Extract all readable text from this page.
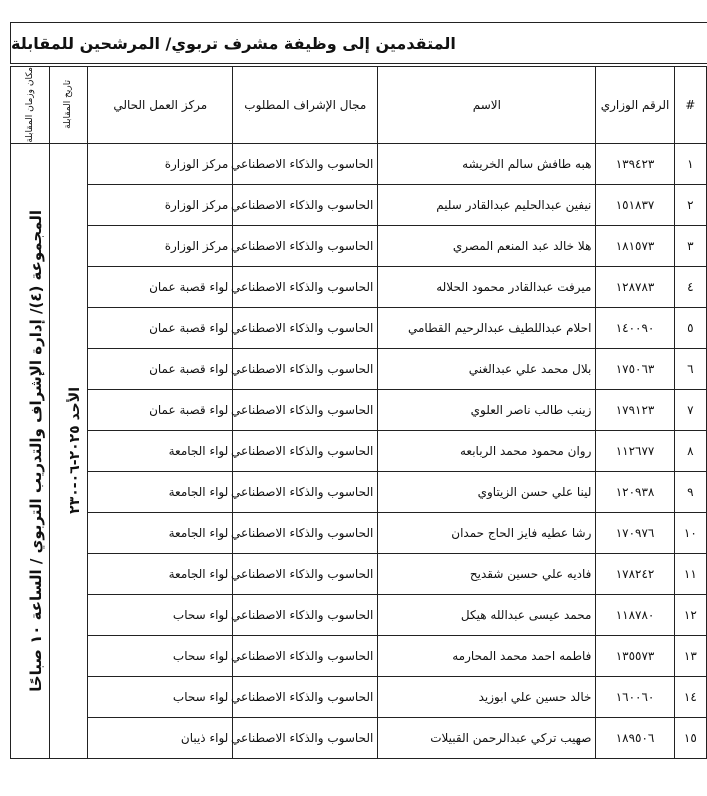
المتقدمين إلى وظيفة مشرف تربوي/ المرشحين للمقابلة
#	الرقم الوزاري	الاسم	مجال الإشراف المطلوب	مركز العمل الحالي	تاريخ المقابلة	مكان وزمان المقابلة

١	١٣٩٤٢٣	هبه طافش سالم الخريشه	الحاسوب والذكاء الاصطناعي	مركز الوزارة	الأحد ٢٠٢٥-٠٦-٢٣٠	المجموعة (٤)/ إدارة الإشراف والتدريب التربوي / الساعة ١٠ صباحًا

٢	١٥١٨٣٧	نيفين عبدالحليم عبدالقادر سليم	الحاسوب والذكاء الاصطناعي	مركز الوزارة		
٣	١٨١٥٧٣	هلا خالد عبد المنعم المصري	الحاسوب والذكاء الاصطناعي	مركز الوزارة		
٤	١٢٨٧٨٣	ميرفت عبدالقادر محمود الحلاله	الحاسوب والذكاء الاصطناعي	لواء قصبة عمان		
٥	١٤٠٠٩٠	احلام عبداللطيف عبدالرحيم القطامي	الحاسوب والذكاء الاصطناعي	لواء قصبة عمان		
٦	١٧٥٠٦٣	بلال محمد علي عبدالغني	الحاسوب والذكاء الاصطناعي	لواء قصبة عمان		
٧	١٧٩١٢٣	زينب طالب ناصر العلوي	الحاسوب والذكاء الاصطناعي	لواء قصبة عمان		
٨	١١٢٦٧٧	روان محمود محمد الربابعه	الحاسوب والذكاء الاصطناعي	لواء الجامعة		
٩	١٢٠٩٣٨	لينا علي حسن الزيتاوي	الحاسوب والذكاء الاصطناعي	لواء الجامعة		
١٠	١٧٠٩٧٦	رشا عطيه فايز الحاج حمدان	الحاسوب والذكاء الاصطناعي	لواء الجامعة		
١١	١٧٨٢٤٢	فاديه علي حسين شقديح	الحاسوب والذكاء الاصطناعي	لواء الجامعة		
١٢	١١٨٧٨٠	محمد عيسى عبدالله هيكل	الحاسوب والذكاء الاصطناعي	لواء سحاب		
١٣	١٣٥٥٧٣	فاطمه احمد محمد المحارمه	الحاسوب والذكاء الاصطناعي	لواء سحاب		
١٤	١٦٠٠٦٠	خالد حسين علي ابوزيد	الحاسوب والذكاء الاصطناعي	لواء سحاب		
١٥	١٨٩٥٠٦	صهيب تركي عبدالرحمن القبيلات	الحاسوب والذكاء الاصطناعي	لواء ذيبان		
